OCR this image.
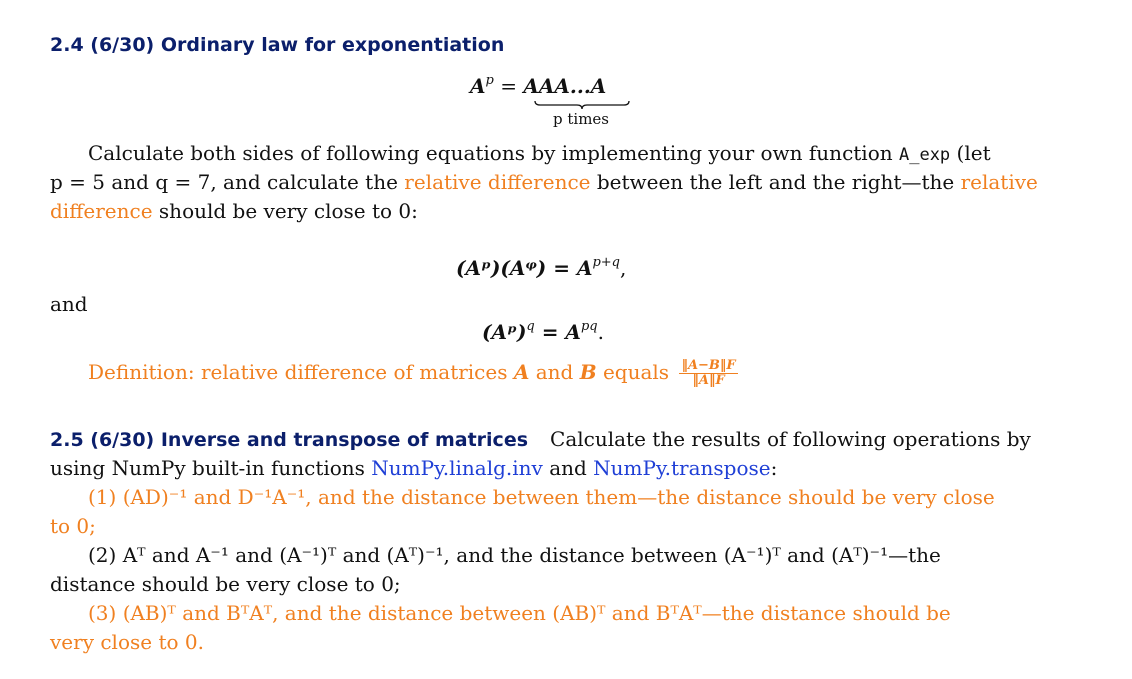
2.4 (6/30) Ordinary law for exponentiation
$A^p = AAA...A$
p times
Calculate both sides of following equations by implementing your own function A_exp (let
p = 5 and q = 7, and calculate the relative difference between the left and the right—the relative
difference should be very close to 0:
(Aᵖ)(Aᵠ) = $A^{p+q}$,
and
(Aᵖ)$^q$ = $A^{pq}$.
Definition: relative difference of matrices A and B equals $\frac{‖A-B‖F}{‖A‖F}$
2.5 (6/30) Inverse and transpose of matrices Calculate the results of following operations by
using NumPy built-in functions NumPy.linalg.inv and NumPy.transpose:
(1) (AD)⁻¹ and D⁻¹A⁻¹, and the distance between them—the distance should be very close
to 0;
(2) Aᵀ and A⁻¹ and (A⁻¹)ᵀ and (Aᵀ)⁻¹, and the distance between (A⁻¹)ᵀ and (Aᵀ)⁻¹—the
distance should be very close to 0;
(3) (AB)ᵀ and BᵀAᵀ, and the distance between (AB)ᵀ and BᵀAᵀ—the distance should be
very close to 0.
